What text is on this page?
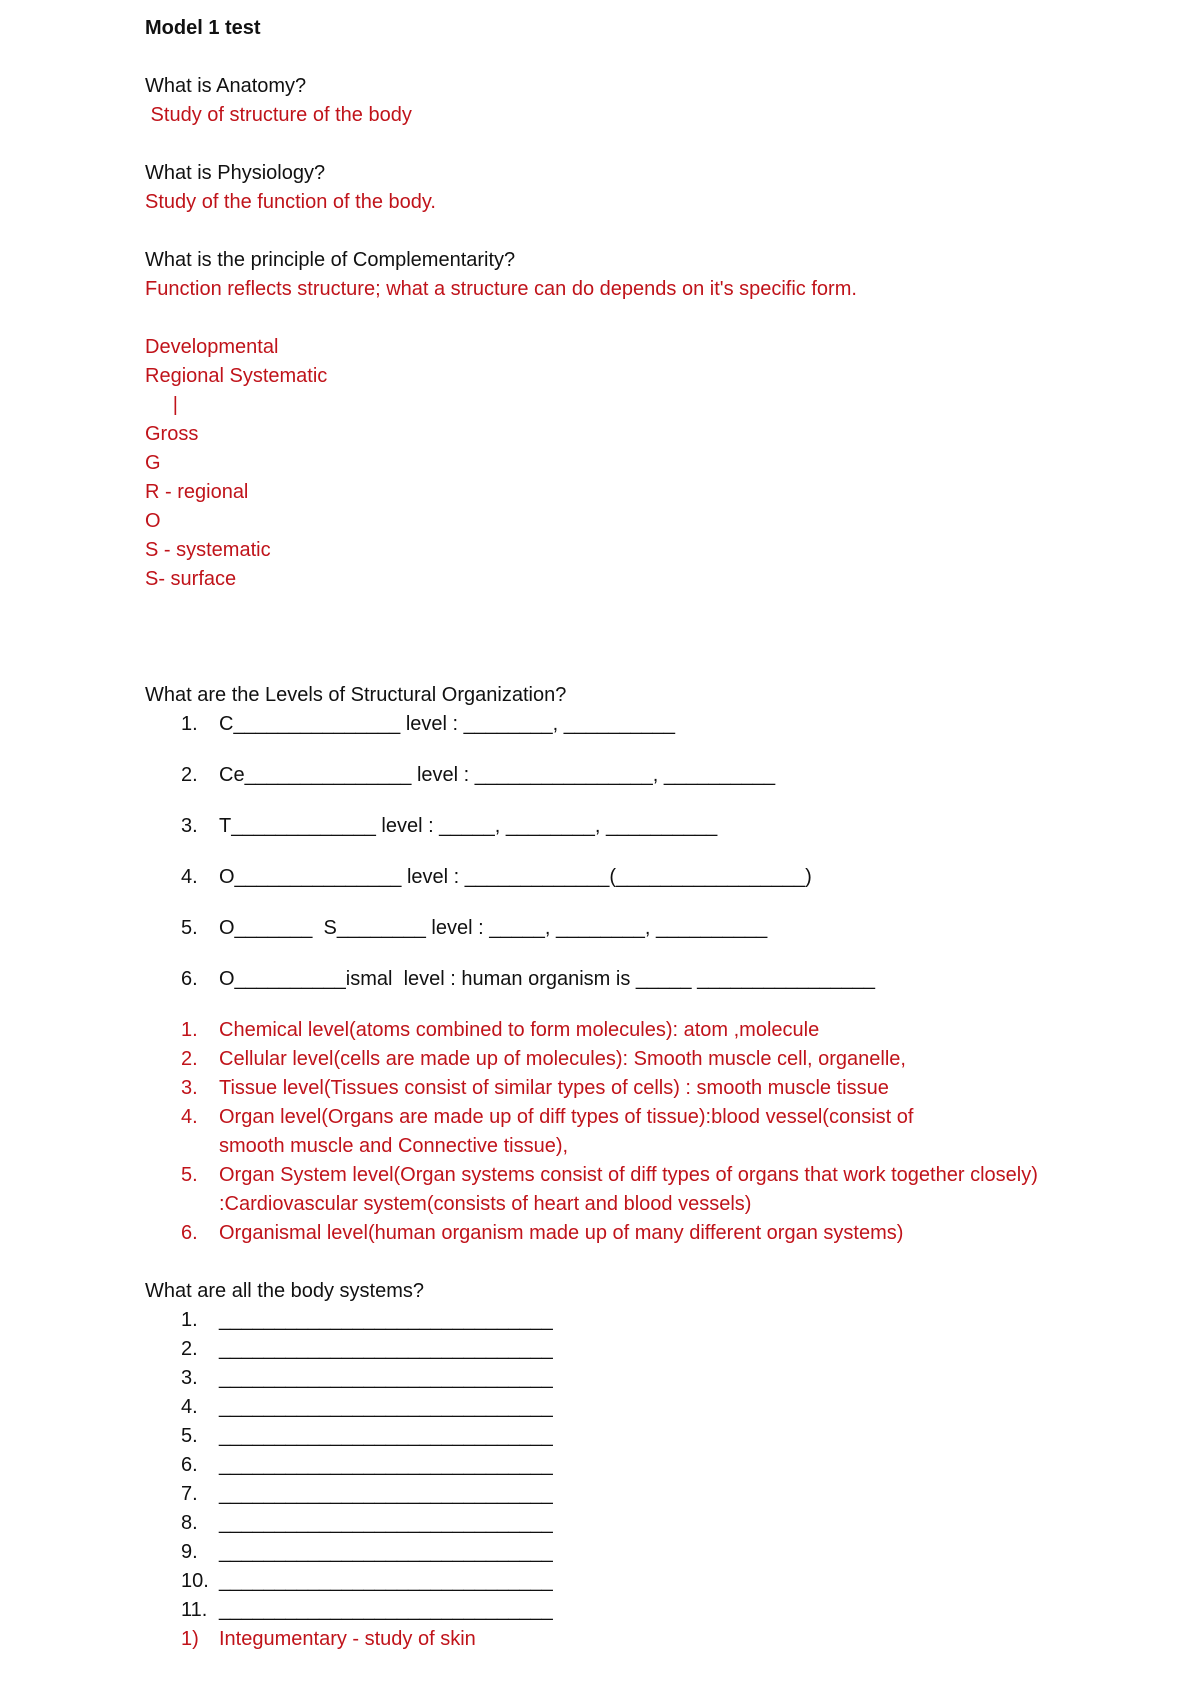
Model 1 test
What is Anatomy?
Study of structure of the body
What is Physiology?
Study of the function of the body.
What is the principle of Complementarity?
Function reflects structure; what a structure can do depends on it's specific form.
Developmental
Regional Systematic
|
Gross
G
R - regional
O
S - systematic
S- surface
What are the Levels of Structural Organization?
1. C_______________ level : ________, __________
2. Ce_______________ level : ________________, __________
3. T_____________ level : _____, ________, __________
4. O_______________ level : _____________(_________________)
5. O_______  S________ level : _____, ________, __________
6. O__________ismal  level : human organism is _____ ________________
1. Chemical level(atoms combined to form molecules): atom ,molecule
2. Cellular level(cells are made up of molecules): Smooth muscle cell, organelle,
3. Tissue level(Tissues consist of similar types of cells) : smooth muscle tissue
4. Organ level(Organs are made up of diff types of tissue):blood vessel(consist of smooth muscle and Connective tissue),
5. Organ System level(Organ systems consist of diff types of organs that work together closely) :Cardiovascular system(consists of heart and blood vessels)
6. Organismal level(human organism made up of many different organ systems)
What are all the body systems?
1. ______________________________
2. ______________________________
3. ______________________________
4. ______________________________
5. ______________________________
6. ______________________________
7. ______________________________
8. ______________________________
9. ______________________________
10. ______________________________
11. ______________________________
1) Integumentary - study of skin
